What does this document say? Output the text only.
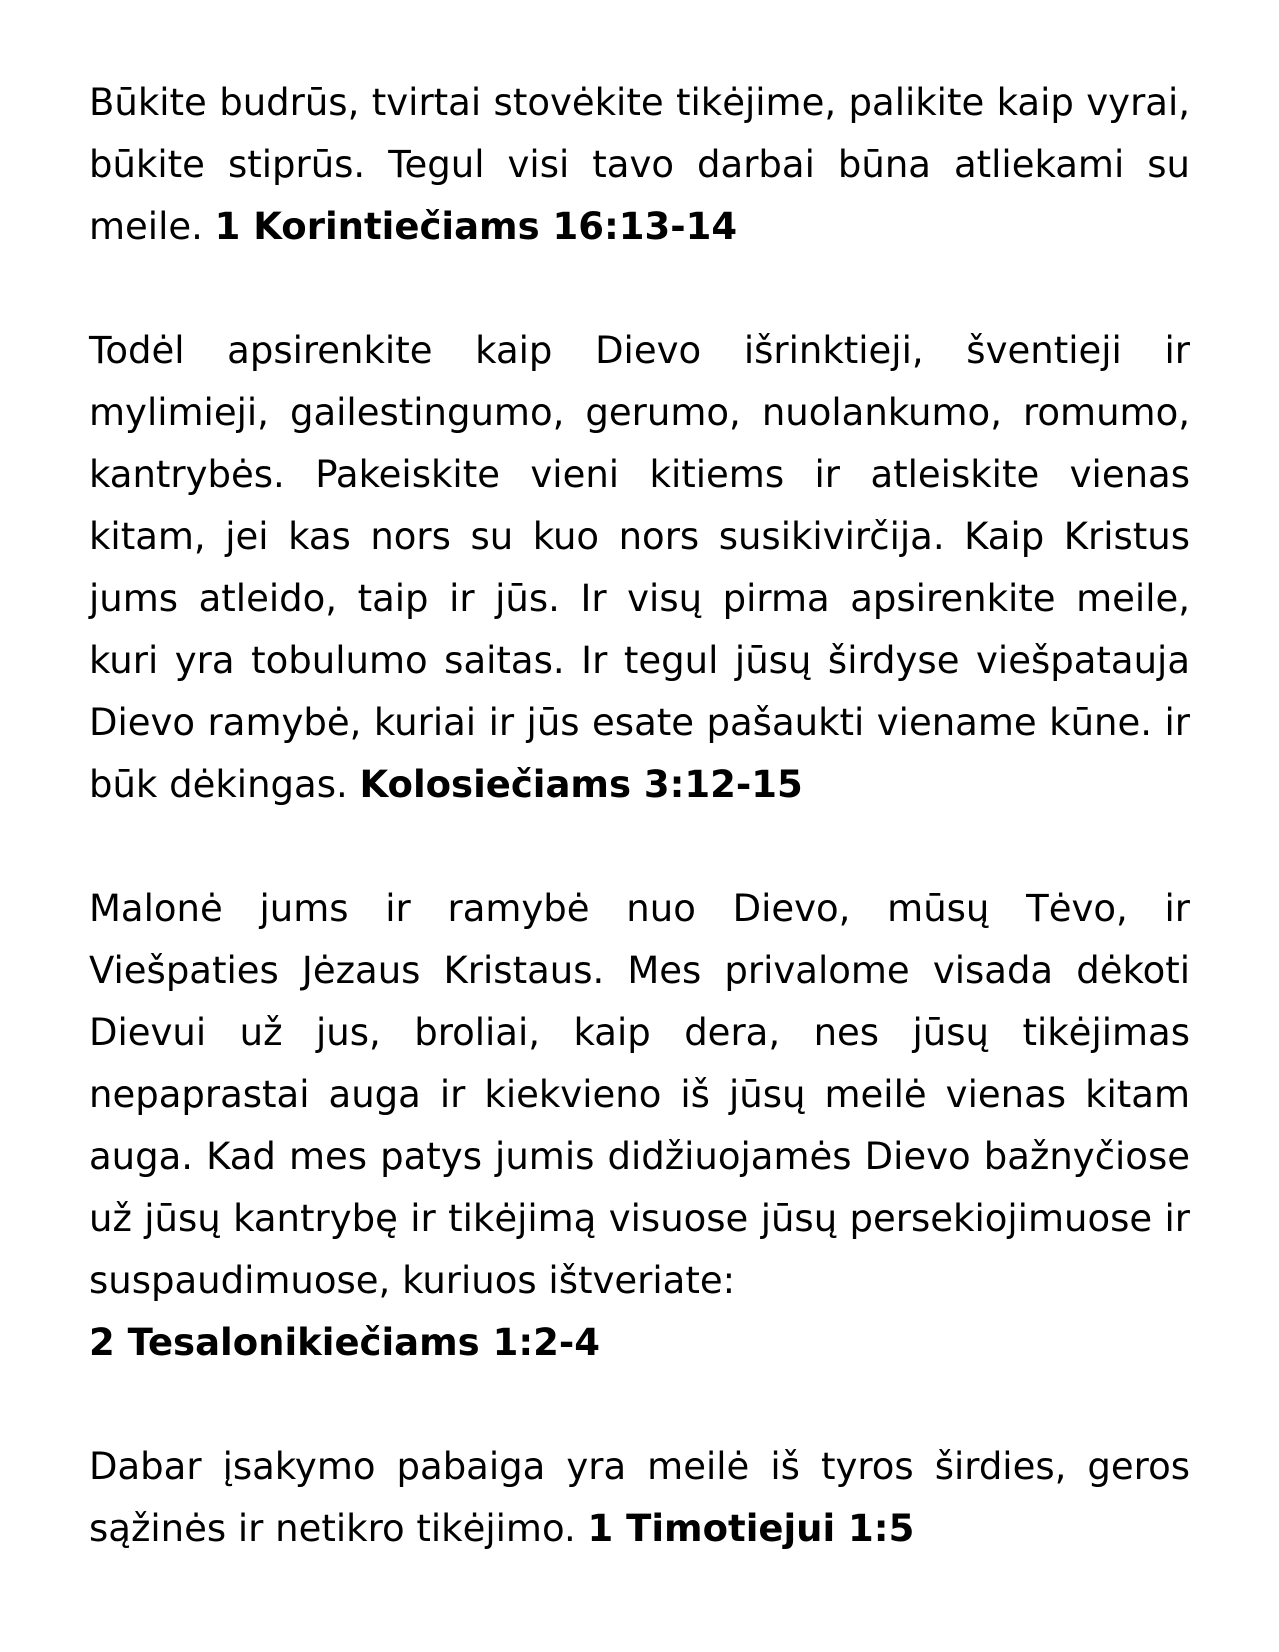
Būkite budrūs, tvirtai stovėkite tikėjime, palikite kaip vyrai, būkite stiprūs. Tegul visi tavo darbai būna atliekami su meile. 1 Korintiečiams 16:13-14

Todėl apsirenkite kaip Dievo išrinktieji, šventieji ir mylimieji, gailestingumo, gerumo, nuolankumo, romumo, kantrybės. Pakeiskite vieni kitiems ir atleiskite vienas kitam, jei kas nors su kuo nors susikivirčija. Kaip Kristus jums atleido, taip ir jūs. Ir visų pirma apsirenkite meile, kuri yra tobulumo saitas. Ir tegul jūsų širdyse viešpatauja Dievo ramybė, kuriai ir jūs esate pašaukti viename kūne. ir būk dėkingas. Kolosiečiams 3:12-15

Malonė jums ir ramybė nuo Dievo, mūsų Tėvo, ir Viešpaties Jėzaus Kristaus. Mes privalome visada dėkoti Dievui už jus, broliai, kaip dera, nes jūsų tikėjimas nepaprastai auga ir kiekvieno iš jūsų meilė vienas kitam auga. Kad mes patys jumis didžiuojamės Dievo bažnyčiose už jūsų kantrybę ir tikėjimą visuose jūsų persekiojimuose ir suspaudimuose, kuriuos ištveriate:
2 Tesalonikiečiams 1:2-4

Dabar įsakymo pabaiga yra meilė iš tyros širdies, geros sąžinės ir netikro tikėjimo. 1 Timotiejui 1:5
